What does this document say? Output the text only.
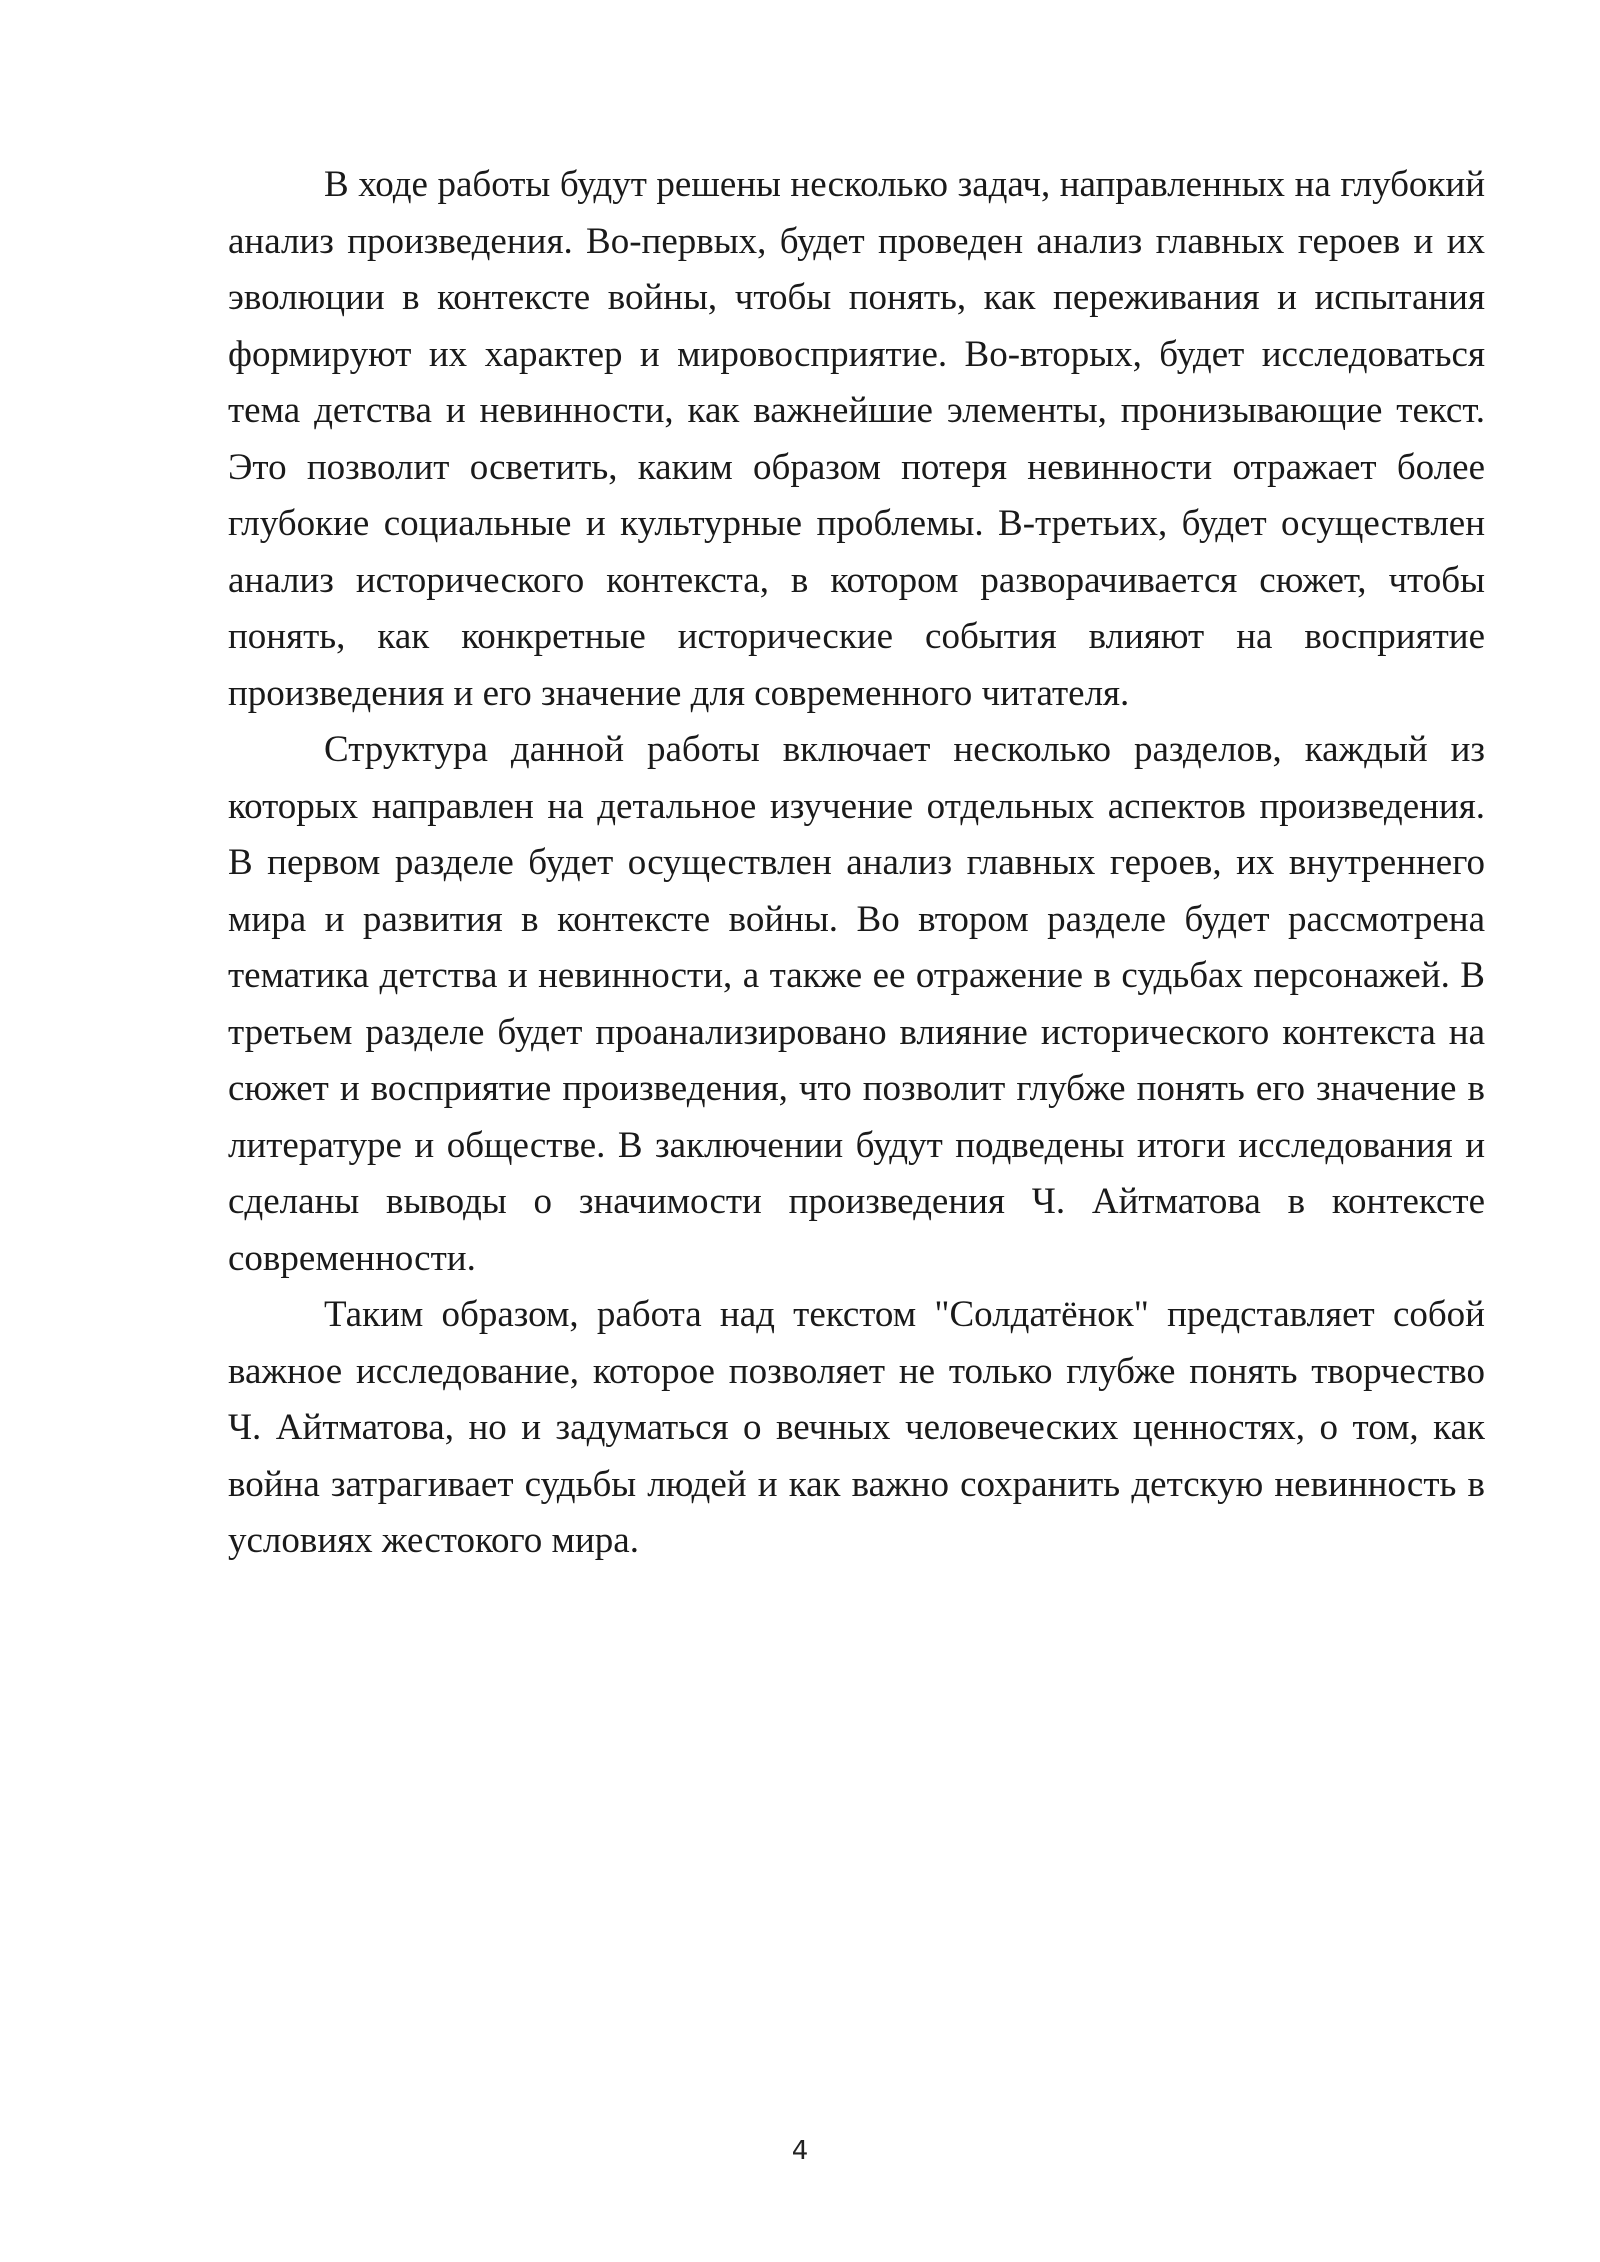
В ходе работы будут решены несколько задач, направленных на глубокий анализ произведения. Во-первых, будет проведен анализ главных героев и их эволюции в контексте войны, чтобы понять, как переживания и испытания формируют их характер и мировосприятие. Во-вторых, будет исследоваться тема детства и невинности, как важнейшие элементы, пронизывающие текст. Это позволит осветить, каким образом потеря невинности отражает более глубокие социальные и культурные проблемы. В-третьих, будет осуществлен анализ исторического контекста, в котором разворачивается сюжет, чтобы понять, как конкретные исторические события влияют на восприятие произведения и его значение для современного читателя.

Структура данной работы включает несколько разделов, каждый из которых направлен на детальное изучение отдельных аспектов произведения. В первом разделе будет осуществлен анализ главных героев, их внутреннего мира и развития в контексте войны. Во втором разделе будет рассмотрена тематика детства и невинности, а также ее отражение в судьбах персонажей. В третьем разделе будет проанализировано влияние исторического контекста на сюжет и восприятие произведения, что позволит глубже понять его значение в литературе и обществе. В заключении будут подведены итоги исследования и сделаны выводы о значимости произведения Ч. Айтматова в контексте современности.

Таким образом, работа над текстом "Солдатёнок" представляет собой важное исследование, которое позволяет не только глубже понять творчество Ч. Айтматова, но и задуматься о вечных человеческих ценностях, о том, как война затрагивает судьбы людей и как важно сохранить детскую невинность в условиях жестокого мира.

4
